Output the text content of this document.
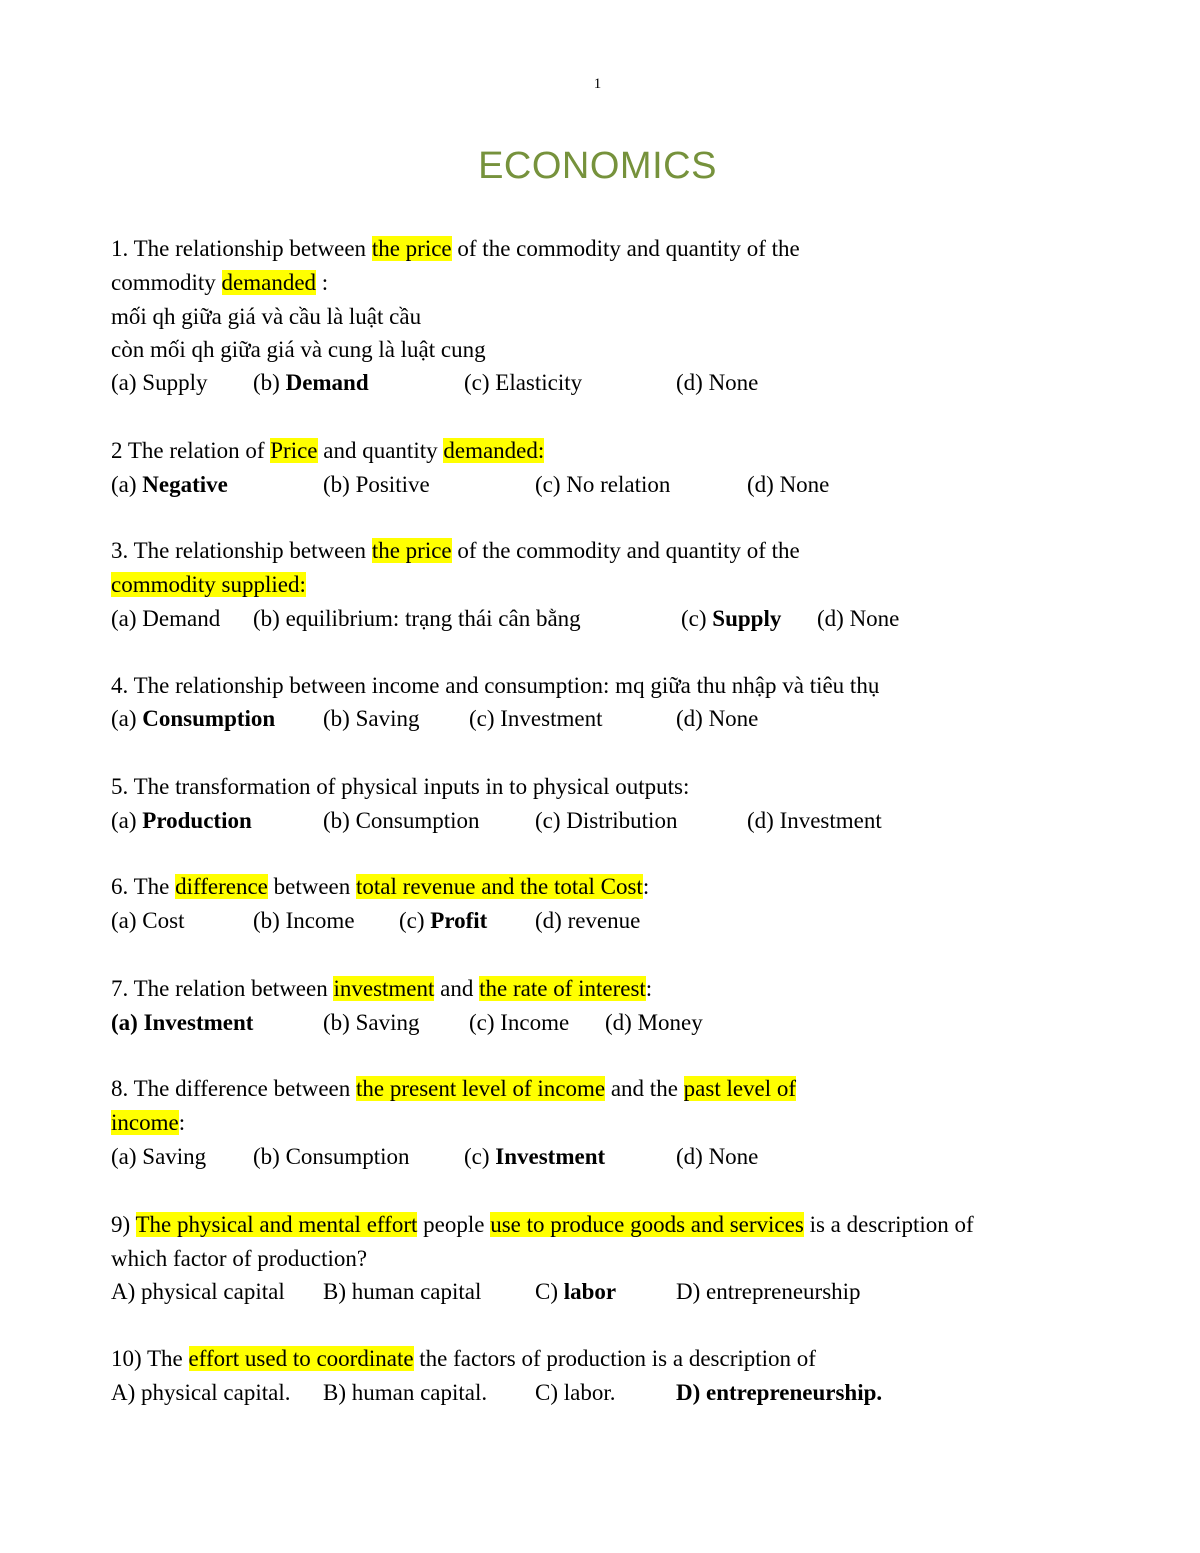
1
ECONOMICS
1. The relationship between the price of the commodity and quantity of the
commodity demanded :
mối qh giữa giá và cầu là luật cầu
còn mối qh giữa giá và cung là luật cung
(a) Supply (b) Demand	(c) Elasticity	(d) None
2 The relation of Price and quantity demanded:
(a) Negative	(b) Positive	(c) No relation	(d) None
3. The relationship between the price of the commodity and quantity of the
commodity supplied:
(a) Demand (b) equilibrium: trạng thái cân bằng	(c) Supply (d) None
4. The relationship between income and consumption: mq giữa thu nhập và tiêu thụ
(a) Consumption (b) Saving (c) Investment	(d) None
5. The transformation of physical inputs in to physical outputs:
(a) Production	(b) Consumption (c) Distribution	(d) Investment
6. The difference between total revenue and the total Cost:
(a) Cost	(b) Income (c) Profit (d) revenue
7. The relation between investment and the rate of interest:
(a) Investment	(b) Saving (c) Income (d) Money
8. The difference between the present level of income and the past level of
income:
(a) Saving (b) Consumption (c) Investment	(d) None
9) The physical and mental effort people use to produce goods and services is a description of
which factor of production?
A) physical capital B) human capital C) labor	D) entrepreneurship
10) The effort used to coordinate the factors of production is a description of
A) physical capital. B) human capital. C) labor.	D) entrepreneurship.
